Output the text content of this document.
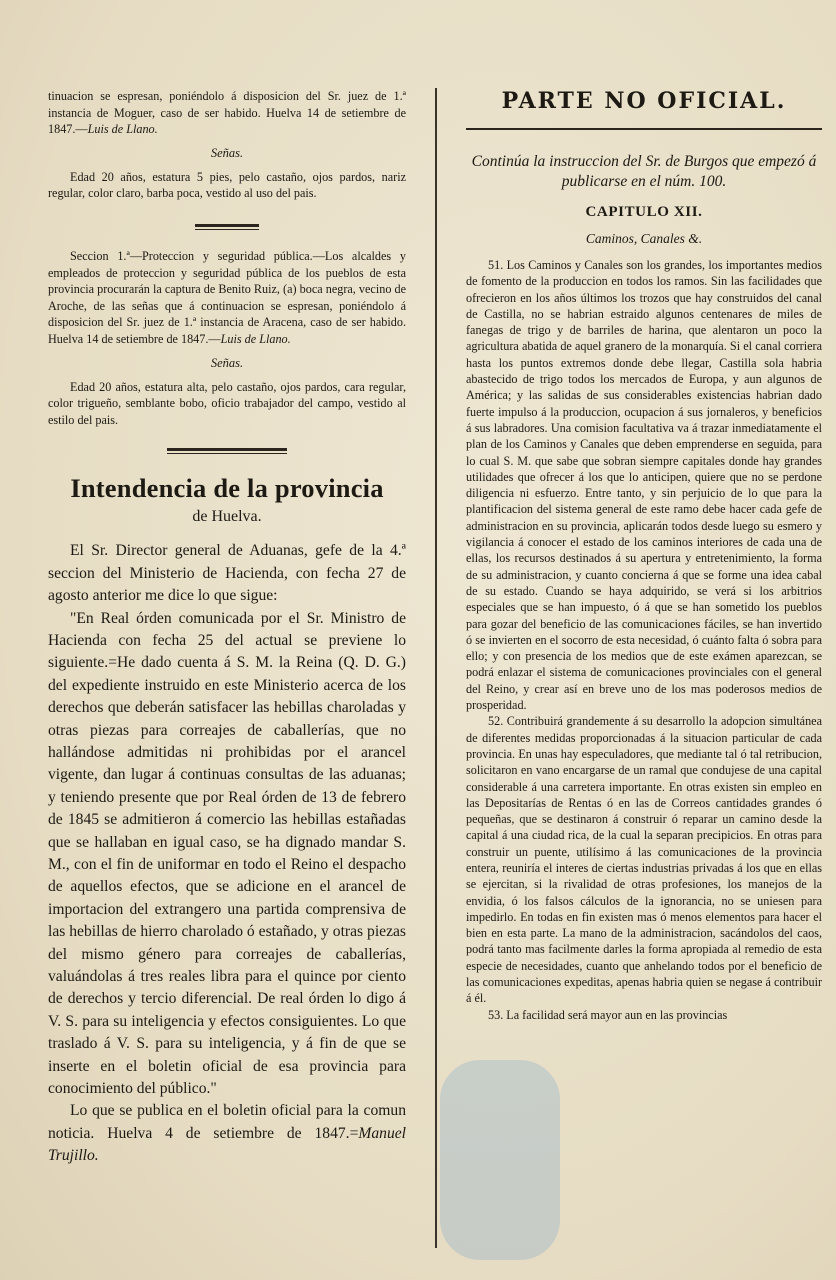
tinuacion se espresan, poniéndolo á disposicion del Sr. juez de 1.ª instancia de Moguer, caso de ser habido. Huelva 14 de setiembre de 1847.—Luis de Llano.

Señas.

Edad 20 años, estatura 5 pies, pelo castaño, ojos pardos, nariz regular, color claro, barba poca, vestido al uso del pais.

Seccion 1.ª—Proteccion y seguridad pública.—Los alcaldes y empleados de proteccion y seguridad pública de los pueblos de esta provincia procurarán la captura de Benito Ruiz, (a) boca negra, vecino de Aroche, de las señas que á continuacion se espresan, poniéndolo á disposicion del Sr. juez de 1.ª instancia de Aracena, caso de ser habido. Huelva 14 de setiembre de 1847.—Luis de Llano.

Señas.

Edad 20 años, estatura alta, pelo castaño, ojos pardos, cara regular, color trigueño, semblante bobo, oficio trabajador del campo, vestido al estilo del pais.

Intendencia de la provincia
de Huelva.

El Sr. Director general de Aduanas, gefe de la 4.ª seccion del Ministerio de Hacienda, con fecha 27 de agosto anterior me dice lo que sigue:

"En Real órden comunicada por el Sr. Ministro de Hacienda con fecha 25 del actual se previene lo siguiente.=He dado cuenta á S. M. la Reina (Q. D. G.) del expediente instruido en este Ministerio acerca de los derechos que deberán satisfacer las hebillas charoladas y otras piezas para correajes de caballerías, que no hallándose admitidas ni prohibidas por el arancel vigente, dan lugar á continuas consultas de las aduanas; y teniendo presente que por Real órden de 13 de febrero de 1845 se admitieron á comercio las hebillas estañadas que se hallaban en igual caso, se ha dignado mandar S. M., con el fin de uniformar en todo el Reino el despacho de aquellos efectos, que se adicione en el arancel de importacion del extrangero una partida comprensiva de las hebillas de hierro charolado ó estañado, y otras piezas del mismo género para correajes de caballerías, valuándolas á tres reales libra para el quince por ciento de derechos y tercio diferencial. De real órden lo digo á V. S. para su inteligencia y efectos consiguientes. Lo que traslado á V. S. para su inteligencia, y á fin de que se inserte en el boletin oficial de esa provincia para conocimiento del público."

Lo que se publica en el boletin oficial para la comun noticia. Huelva 4 de setiembre de 1847.=Manuel Trujillo.

PARTE NO OFICIAL.
Continúa la instruccion del Sr. de Burgos que empezó á publicarse en el núm. 100.
CAPITULO XII.
Caminos, Canales &.

51. Los Caminos y Canales son los grandes, los importantes medios de fomento de la produccion en todos los ramos. Sin las facilidades que ofrecieron en los años últimos los trozos que hay construidos del canal de Castilla, no se habrian estraido algunos centenares de miles de fanegas de trigo y de barriles de harina, que alentaron un poco la agricultura abatida de aquel granero de la monarquía. Si el canal corriera hasta los puntos extremos donde debe llegar, Castilla sola habria abastecido de trigo todos los mercados de Europa, y aun algunos de América; y las salidas de sus considerables existencias habrian dado fuerte impulso á la produccion, ocupacion á sus jornaleros, y beneficios á sus labradores. Una comision facultativa va á trazar inmediatamente el plan de los Caminos y Canales que deben emprenderse en seguida, para lo cual S. M. que sabe que sobran siempre capitales donde hay grandes utilidades que ofrecer á los que lo anticipen, quiere que no se perdone diligencia ni esfuerzo. Entre tanto, y sin perjuicio de lo que para la plantificacion del sistema general de este ramo debe hacer cada gefe de administracion en su provincia, aplicarán todos desde luego su esmero y vigilancia á conocer el estado de los caminos interiores de cada una de ellas, los recursos destinados á su apertura y entretenimiento, la forma de su administracion, y cuanto concierna á que se forme una idea cabal de su estado. Cuando se haya adquirido, se verá si los arbitrios especiales que se han impuesto, ó á que se han sometido los pueblos para gozar del beneficio de las comunicaciones fáciles, se han invertido ó se invierten en el socorro de esta necesidad, ó cuánto falta ó sobra para ello; y con presencia de los medios que de este exámen aparezcan, se podrá enlazar el sistema de comunicaciones provinciales con el general del Reino, y crear así en breve uno de los mas poderosos medios de prosperidad.

52. Contribuirá grandemente á su desarrollo la adopcion simultánea de diferentes medidas proporcionadas á la situacion particular de cada provincia. En unas hay especuladores, que mediante tal ó tal retribucion, solicitaron en vano encargarse de un ramal que condujese de una capital considerable á una carretera importante. En otras existen sin empleo en las Depositarías de Rentas ó en las de Correos cantidades grandes ó pequeñas, que se destinaron á construir ó reparar un camino desde la capital á una ciudad rica, de la cual la separan precipicios. En otras para construir un puente, utilísimo á las comunicaciones de la provincia entera, reuniría el interes de ciertas industrias privadas á los que en ellas se ejercitan, si la rivalidad de otras profesiones, los manejos de la envidia, ó los falsos cálculos de la ignorancia, no se uniesen para impedirlo. En todas en fin existen mas ó menos elementos para hacer el bien en esta parte. La mano de la administracion, sacándolos del caos, podrá tanto mas facilmente darles la forma apropiada al remedio de esta especie de necesidades, cuanto que anhelando todos por el beneficio de las comunicaciones expeditas, apenas habria quien se negase á contribuir á él.

53. La facilidad será mayor aun en las provincias
